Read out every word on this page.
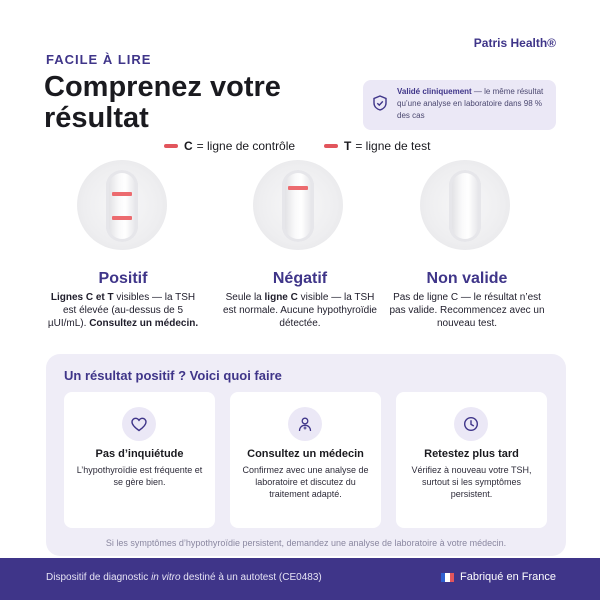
FACILE À LIRE
Patris Health®
Comprenez votre résultat
Validé cliniquement — le même résultat qu’une analyse en laboratoire dans 98 % des cas
C = ligne de contrôle	T = ligne de test
Positif
Lignes C et T visibles — la TSH est élevée (au-dessus de 5 µUI/mL). Consultez un médecin.
Négatif
Seule la ligne C visible — la TSH est normale. Aucune hypothyroïdie détectée.
Non valide
Pas de ligne C — le résultat n’est pas valide. Recommencez avec un nouveau test.
Un résultat positif ? Voici quoi faire
Pas d’inquiétude
L’hypothyroïdie est fréquente et se gère bien.
Consultez un médecin
Confirmez avec une analyse de laboratoire et discutez du traitement adapté.
Retestez plus tard
Vérifiez à nouveau votre TSH, surtout si les symptômes persistent.
Si les symptômes d’hypothyroïdie persistent, demandez une analyse de laboratoire à votre médecin.
Dispositif de diagnostic in vitro destiné à un autotest (CE0483)	Fabriqué en France
